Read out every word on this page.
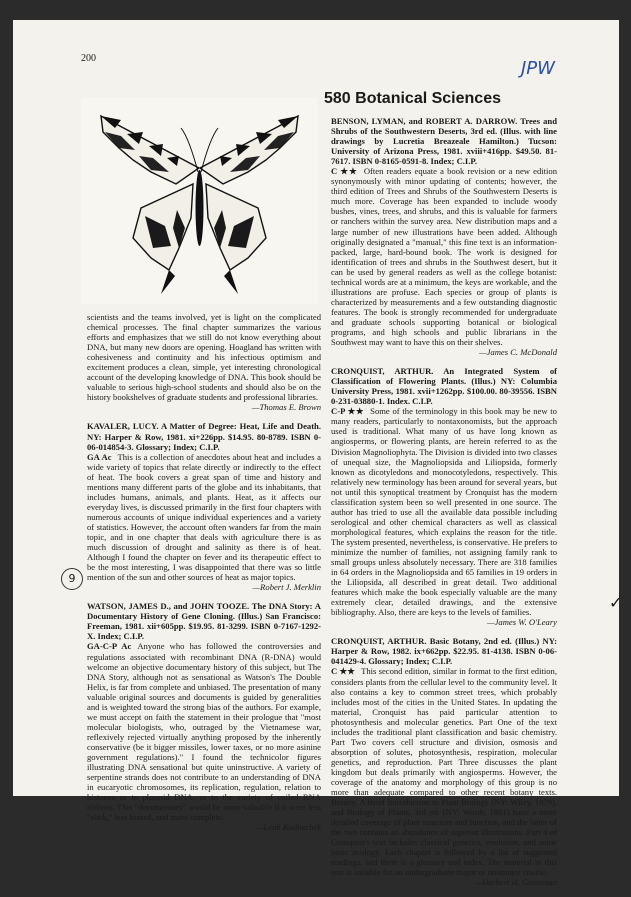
200	JPW
580 Botanical Sciences
9
✓

scientists and the teams involved, yet is light on the complicated chemical processes. The final chapter summarizes the various efforts and emphasizes that we still do not know everything about DNA, but many new doors are opening. Hoagland has written with cohesiveness and continuity and his infectious optimism and excitement produces a clean, simple, yet interesting chronological account of the developing knowledge of DNA. This book should be valuable to serious high-school students and should also be on the history bookshelves of graduate students and professional libraries.

—Thomas E. Brown

KAVALER, LUCY. A Matter of Degree: Heat, Life and Death. NY: Harper & Row, 1981. xi+226pp. $14.95. 80-8789. ISBN 0-06-014854-3. Glossary; Index; C.I.P.

GA Ac This is a collection of anecdotes about heat and includes a wide variety of topics that relate directly or indirectly to the effect of heat. The book covers a great span of time and history and mentions many different parts of the globe and its inhabitants, that includes humans, animals, and plants. Heat, as it affects our everyday lives, is discussed primarily in the first four chapters with numerous accounts of unique individual experiences and a variety of statistics. However, the account often wanders far from the main topic, and in one chapter that deals with agriculture there is as much discussion of drought and salinity as there is of heat. Although I found the chapter on fever and its therapeutic effect to be the most interesting, I was disappointed that there was so little mention of the sun and other sources of heat as major topics.

—Robert J. Merklin

WATSON, JAMES D., and JOHN TOOZE. The DNA Story: A Documentary History of Gene Cloning. (Illus.) San Francisco: Freeman, 1981. xii+605pp. $19.95. 81-3299. ISBN 0-7167-1292-X. Index; C.I.P.

GA-C-P Ac Anyone who has followed the controversies and regulations associated with recombinant DNA (R-DNA) would welcome an objective documentary history of this subject, but The DNA Story, although not as sensational as Watson's The Double Helix, is far from complete and unbiased. The presentation of many valuable original sources and documents is guided by generalities and is weighted toward the strong bias of the authors. For example, we must accept on faith the statement in their prologue that "most molecular biologists, who, outraged by the Vietnamese war, reflexively rejected virtually anything proposed by the inherently conservative (be it bigger missiles, lower taxes, or no more asinine government regulations)." I found the technicolor figures illustrating DNA sensational but quite uninstructive. A variety of serpentine strands does not contribute to an understanding of DNA in eucaryotic chromosomes, its replication, regulation, relation to histones or to plasmid DNA, or to the variety of coiled RNA ribbons. This "documentary" would be more valuable if it were less "slick," less biased, and more complete.

—Leah Koditschek

BENSON, LYMAN, and ROBERT A. DARROW. Trees and Shrubs of the Southwestern Deserts, 3rd ed. (Illus. with line drawings by Lucretia Breazeale Hamilton.) Tucson: University of Arizona Press, 1981. xviii+416pp. $49.50. 81-7617. ISBN 0-8165-0591-8. Index; C.I.P.

C ★★ Often readers equate a book revision or a new edition synonymously with minor updating of contents; however, the third edition of Trees and Shrubs of the Southwestern Deserts is much more. Coverage has been expanded to include woody bushes, vines, trees, and shrubs, and this is valuable for farmers or ranchers within the survey area. New distribution maps and a large number of new illustrations have been added. Although originally designated a "manual," this fine text is an information-packed, large, hard-bound book. The work is designed for identification of trees and shrubs in the Southwest desert, but it can be used by general readers as well as the college botanist: technical words are at a minimum, the keys are workable, and the illustrations are profuse. Each species or group of plants is characterized by measurements and a few outstanding diagnostic features. The book is strongly recommended for undergraduate and graduate schools supporting botanical or biological programs, and high schools and public librarians in the Southwest may want to have this on their shelves.

—James C. McDonald

CRONQUIST, ARTHUR. An Integrated System of Classification of Flowering Plants. (Illus.) NY: Columbia University Press, 1981. xvii+1262pp. $100.00. 80-39556. ISBN 0-231-03880-1. Index. C.I.P.

C-P ★★ Some of the terminology in this book may be new to many readers, particularly to nontaxonomists, but the approach used is traditional. What many of us have long known as angiosperms, or flowering plants, are herein referred to as the Division Magnoliophyta. The Division is divided into two classes of unequal size, the Magnoliopsida and Liliopsida, formerly known as dicotyledons and monocotyledons, respectively. This relatively new terminology has been around for several years, but not until this synoptical treatment by Cronquist has the modern classification system been so well presented in one source. The author has tried to use all the available data possible including serological and other chemical characters as well as classical morphological features, which explains the reason for the title. The system presented, nevertheless, is conservative. He prefers to minimize the number of families, not assigning family rank to small groups unless absolutely necessary. There are 318 families in 64 orders in the Magnoliopsida and 65 families in 19 orders in the Liliopsida, all described in great detail. Two additional features which make the book especially valuable are the many extremely clear, detailed drawings, and the extensive bibliography. Also, there are keys to the levels of families.

—James W. O'Leary

CRONQUIST, ARTHUR. Basic Botany, 2nd ed. (Illus.) NY: Harper & Row, 1982. ix+662pp. $22.95. 81-4138. ISBN 0-06-041429-4. Glossary; Index; C.I.P.

C ★★ This second edition, similar in format to the first edition, considers plants from the cellular level to the community level. It also contains a key to common street trees, which probably includes most of the cities in the United States. In updating the material, Cronquist has paid particular attention to photosynthesis and molecular genetics. Part One of the text includes the traditional plant classification and basic chemistry. Part Two covers cell structure and division, osmosis and absorption of solutes, photosynthesis, respiration, molecular genetics, and reproduction. Part Three discusses the plant kingdom but deals primarily with angiosperms. However, the coverage of the anatomy and morphology of this group is no more than adequate compared to other recent botany texts. Botany, A Brief Introduction to Plant Biology (NY: Wiley, 1979), and Biology of Plants, 3rd ed. (NY: Worth, 1981) have a more detailed coverage of plant structure and function, and the latter of the two contains an abundance of superior illustrations. Part 4 of Cronquist's text includes classical genetics, evolution, and some basic ecology. Each chapter is followed by a list of suggested readings, and there is a glossary and index. The material in this text is suitable for an undergraduate major or nonmajor course.

—Herbert H. Grossman
